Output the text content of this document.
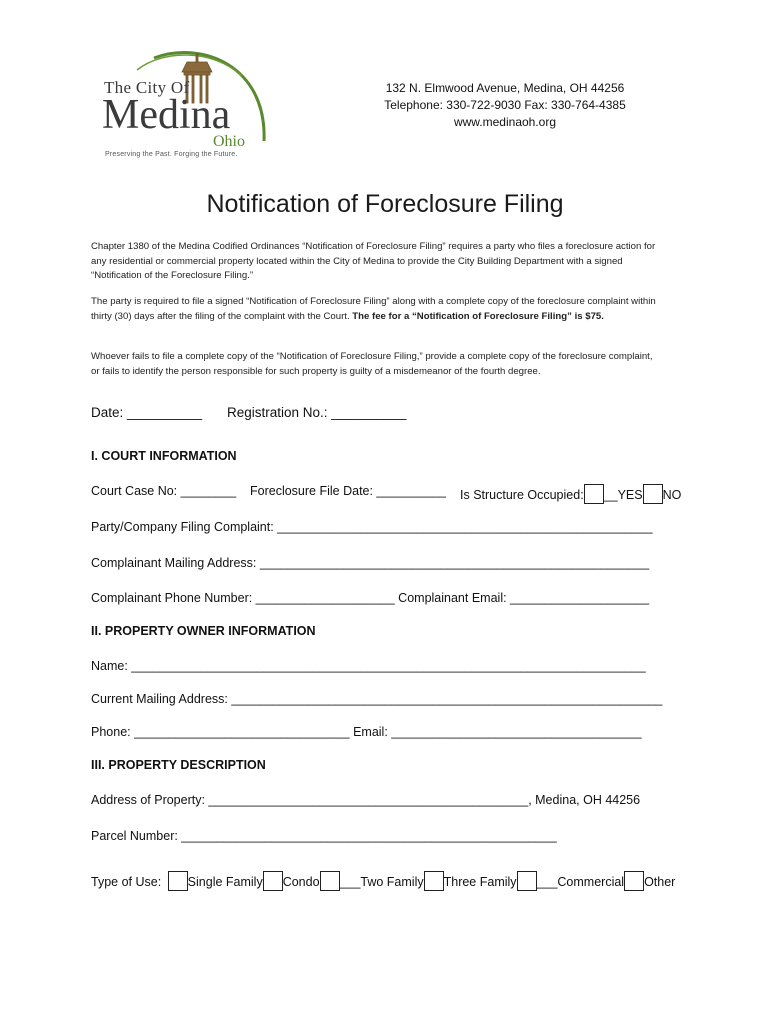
The City Of
Medina
Ohio
Preserving the Past. Forging the Future.
132 N. Elmwood Avenue, Medina, OH 44256
Telephone: 330-722-9030 Fax: 330-764-4385
www.medinaoh.org
Notification of Foreclosure Filing
Chapter 1380 of the Medina Codified Ordinances “Notification of Foreclosure Filing” requires a party who files a foreclosure action for any residential or commercial property located within the City of Medina to provide the City Building Department with a signed “Notification of the Foreclosure Filing.”
The party is required to file a signed “Notification of Foreclosure Filing” along with a complete copy of the foreclosure complaint within thirty (30) days after the filing of the complaint with the Court. The fee for a “Notification of Foreclosure Filing” is $75.
Whoever fails to file a complete copy of the “Notification of Foreclosure Filing,” provide a complete copy of the foreclosure complaint, or fails to identify the person responsible for such property is guilty of a misdemeanor of the fourth degree.
Date: __________ Registration No.: __________
I. COURT INFORMATION
Court Case No: ________ Foreclosure File Date: __________ Is Structure Occupied: __YES NO
Party/Company Filing Complaint: ______________________________________________________
Complainant Mailing Address: ________________________________________________________
Complainant Phone Number: ____________________ Complainant Email: ____________________
II. PROPERTY OWNER INFORMATION
Name: __________________________________________________________________________
Current Mailing Address: ______________________________________________________________
Phone: _______________________________ Email: ____________________________________
III. PROPERTY DESCRIPTION
Address of Property: ______________________________________________, Medina, OH 44256
Parcel Number: ______________________________________________________
Type of Use: Single Family Condo ___Two Family Three Family ___Commercial Other
